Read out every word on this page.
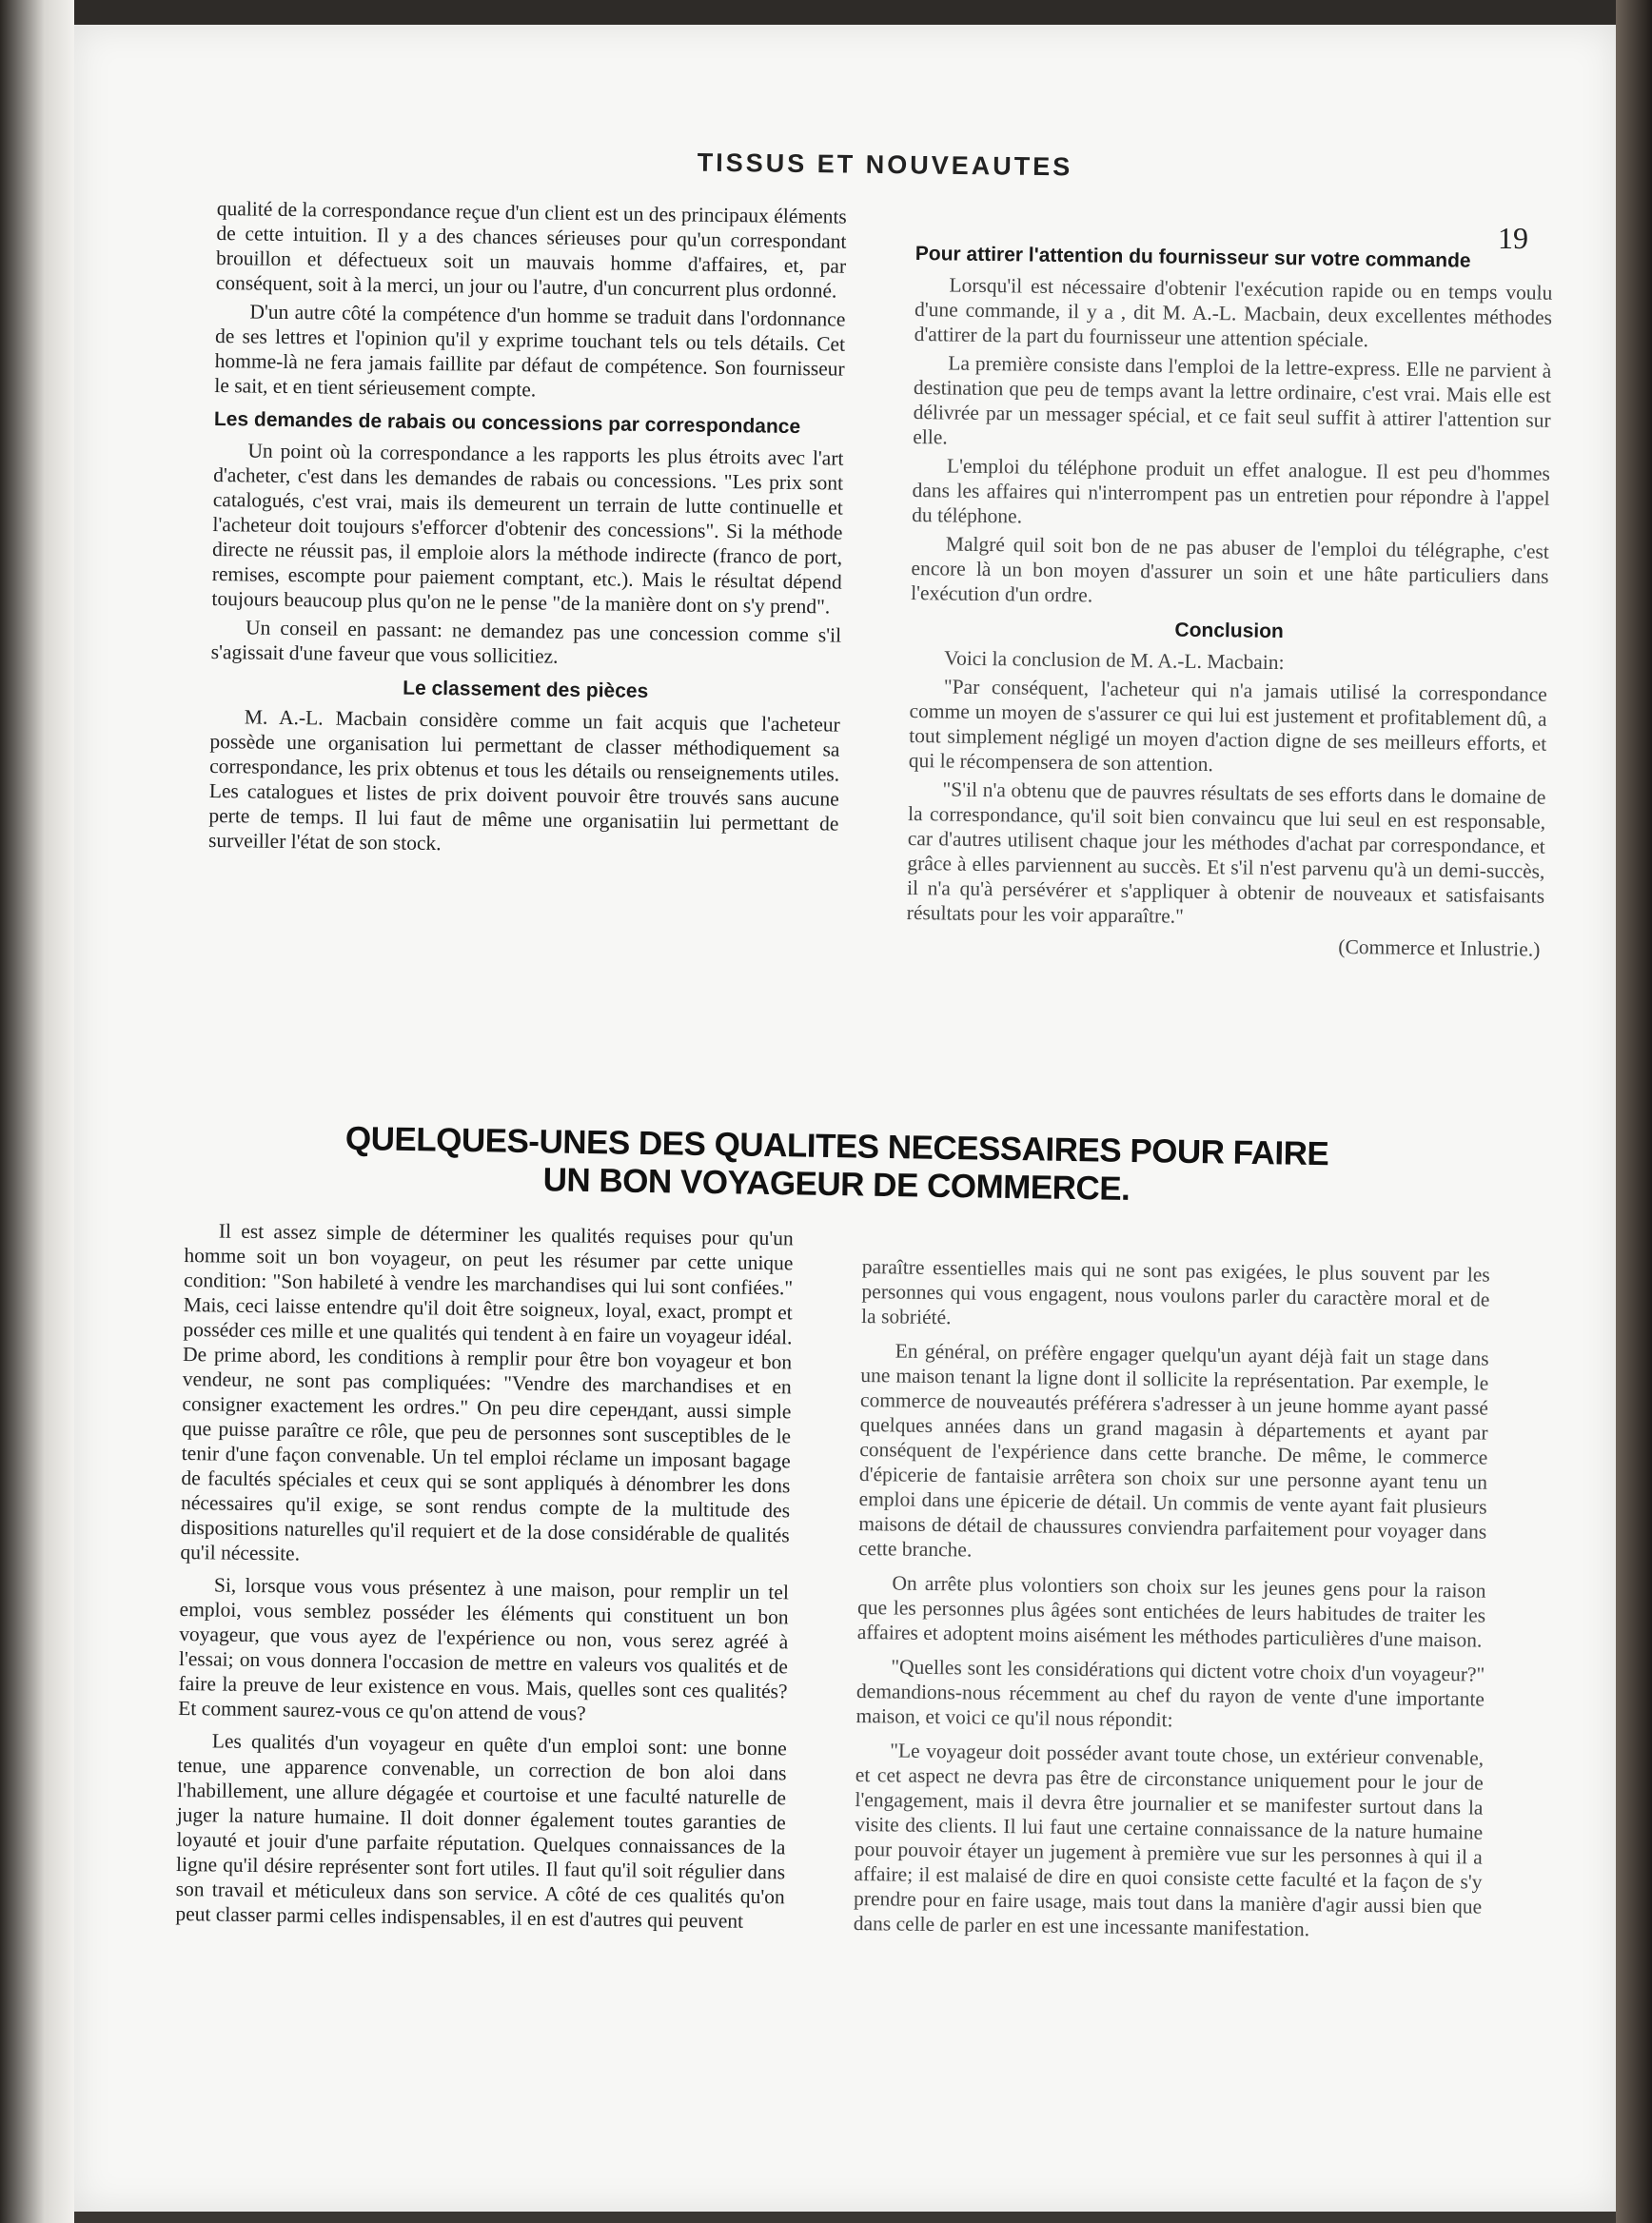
TISSUS ET NOUVEAUTES
19

qualité de la correspondance reçue d'un client est un des principaux éléments de cette intuition. Il y a des chances sérieuses pour qu'un correspondant brouillon et défectueux soit un mauvais homme d'affaires, et, par conséquent, soit à la merci, un jour ou l'autre, d'un concurrent plus ordonné.

D'un autre côté la compétence d'un homme se traduit dans l'ordonnance de ses lettres et l'opinion qu'il y exprime touchant tels ou tels détails. Cet homme-là ne fera jamais faillite par défaut de compétence. Son fournisseur le sait, et en tient sérieusement compte.

Les demandes de rabais ou concessions par correspondance

Un point où la correspondance a les rapports les plus étroits avec l'art d'acheter, c'est dans les demandes de rabais ou concessions. "Les prix sont catalogués, c'est vrai, mais ils demeurent un terrain de lutte continuelle et l'acheteur doit toujours s'efforcer d'obtenir des concessions". Si la méthode directe ne réussit pas, il emploie alors la méthode indirecte (franco de port, remises, escompte pour paiement comptant, etc.). Mais le résultat dépend toujours beaucoup plus qu'on ne le pense "de la manière dont on s'y prend".

Un conseil en passant: ne demandez pas une concession comme s'il s'agissait d'une faveur que vous sollicitiez.

Le classement des pièces

M. A.-L. Macbain considère comme un fait acquis que l'acheteur possède une organisation lui permettant de classer méthodiquement sa correspondance, les prix obtenus et tous les détails ou renseignements utiles. Les catalogues et listes de prix doivent pouvoir être trouvés sans aucune perte de temps. Il lui faut de même une organisatiin lui permettant de surveiller l'état de son stock.

Pour attirer l'attention du fournisseur sur votre commande

Lorsqu'il est nécessaire d'obtenir l'exécution rapide ou en temps voulu d'une commande, il y a , dit M. A.-L. Macbain, deux excellentes méthodes d'attirer de la part du fournisseur une attention spéciale.

La première consiste dans l'emploi de la lettre-express. Elle ne parvient à destination que peu de temps avant la lettre ordinaire, c'est vrai. Mais elle est délivrée par un messager spécial, et ce fait seul suffit à attirer l'attention sur elle.

L'emploi du téléphone produit un effet analogue. Il est peu d'hommes dans les affaires qui n'interrompent pas un entretien pour répondre à l'appel du téléphone.

Malgré quil soit bon de ne pas abuser de l'emploi du télégraphe, c'est encore là un bon moyen d'assurer un soin et une hâte particuliers dans l'exécution d'un ordre.

Conclusion

Voici la conclusion de M. A.-L. Macbain:

"Par conséquent, l'acheteur qui n'a jamais utilisé la correspondance comme un moyen de s'assurer ce qui lui est justement et profitablement dû, a tout simplement négligé un moyen d'action digne de ses meilleurs efforts, et qui le récompensera de son attention.

"S'il n'a obtenu que de pauvres résultats de ses efforts dans le domaine de la correspondance, qu'il soit bien convaincu que lui seul en est responsable, car d'autres utilisent chaque jour les méthodes d'achat par correspondance, et grâce à elles parviennent au succès. Et s'il n'est parvenu qu'à un demi-succès, il n'a qu'à persévérer et s'appliquer à obtenir de nouveaux et satisfaisants résultats pour les voir apparaître."

(Commerce et Inlustrie.)

QUELQUES-UNES DES QUALITES NECESSAIRES POUR FAIRE
UN BON VOYAGEUR DE COMMERCE.

Il est assez simple de déterminer les qualités requises pour qu'un homme soit un bon voyageur, on peut les résumer par cette unique condition: "Son habileté à vendre les marchandises qui lui sont confiées." Mais, ceci laisse entendre qu'il doit être soigneux, loyal, exact, prompt et posséder ces mille et une qualités qui tendent à en faire un voyageur idéal. De prime abord, les conditions à remplir pour être bon voyageur et bon vendeur, ne sont pas compliquées: "Vendre des marchandises et en consigner exactement les ordres." On peu dire cepeндant, aussi simple que puisse paraître ce rôle, que peu de personnes sont susceptibles de le tenir d'une façon convenable. Un tel emploi réclame un imposant bagage de facultés spéciales et ceux qui se sont appliqués à dénombrer les dons nécessaires qu'il exige, se sont rendus compte de la multitude des dispositions naturelles qu'il requiert et de la dose considérable de qualités qu'il nécessite.

Si, lorsque vous vous présentez à une maison, pour remplir un tel emploi, vous semblez posséder les éléments qui constituent un bon voyageur, que vous ayez de l'expérience ou non, vous serez agréé à l'essai; on vous donnera l'occasion de mettre en valeurs vos qualités et de faire la preuve de leur existence en vous. Mais, quelles sont ces qualités? Et comment saurez-vous ce qu'on attend de vous?

Les qualités d'un voyageur en quête d'un emploi sont: une bonne tenue, une apparence convenable, un correction de bon aloi dans l'habillement, une allure dégagée et courtoise et une faculté naturelle de juger la nature humaine. Il doit donner également toutes garanties de loyauté et jouir d'une parfaite réputation. Quelques connaissances de la ligne qu'il désire représenter sont fort utiles. Il faut qu'il soit régulier dans son travail et méticuleux dans son service. A côté de ces qualités qu'on peut classer parmi celles indispensables, il en est d'autres qui peuvent

paraître essentielles mais qui ne sont pas exigées, le plus souvent par les personnes qui vous engagent, nous voulons parler du caractère moral et de la sobriété.

En général, on préfère engager quelqu'un ayant déjà fait un stage dans une maison tenant la ligne dont il sollicite la représentation. Par exemple, le commerce de nouveautés préférera s'adresser à un jeune homme ayant passé quelques années dans un grand magasin à départements et ayant par conséquent de l'expérience dans cette branche. De même, le commerce d'épicerie de fantaisie arrêtera son choix sur une personne ayant tenu un emploi dans une épicerie de détail. Un commis de vente ayant fait plusieurs maisons de détail de chaussures conviendra parfaitement pour voyager dans cette branche.

On arrête plus volontiers son choix sur les jeunes gens pour la raison que les personnes plus âgées sont entichées de leurs habitudes de traiter les affaires et adoptent moins aisément les méthodes particulières d'une maison.

"Quelles sont les considérations qui dictent votre choix d'un voyageur?" demandions-nous récemment au chef du rayon de vente d'une importante maison, et voici ce qu'il nous répondit:

"Le voyageur doit posséder avant toute chose, un extérieur convenable, et cet aspect ne devra pas être de circonstance uniquement pour le jour de l'engagement, mais il devra être journalier et se manifester surtout dans la visite des clients. Il lui faut une certaine connaissance de la nature humaine pour pouvoir étayer un jugement à première vue sur les personnes à qui il a affaire; il est malaisé de dire en quoi consiste cette faculté et la façon de s'y prendre pour en faire usage, mais tout dans la manière d'agir aussi bien que dans celle de parler en est une incessante manifestation.
